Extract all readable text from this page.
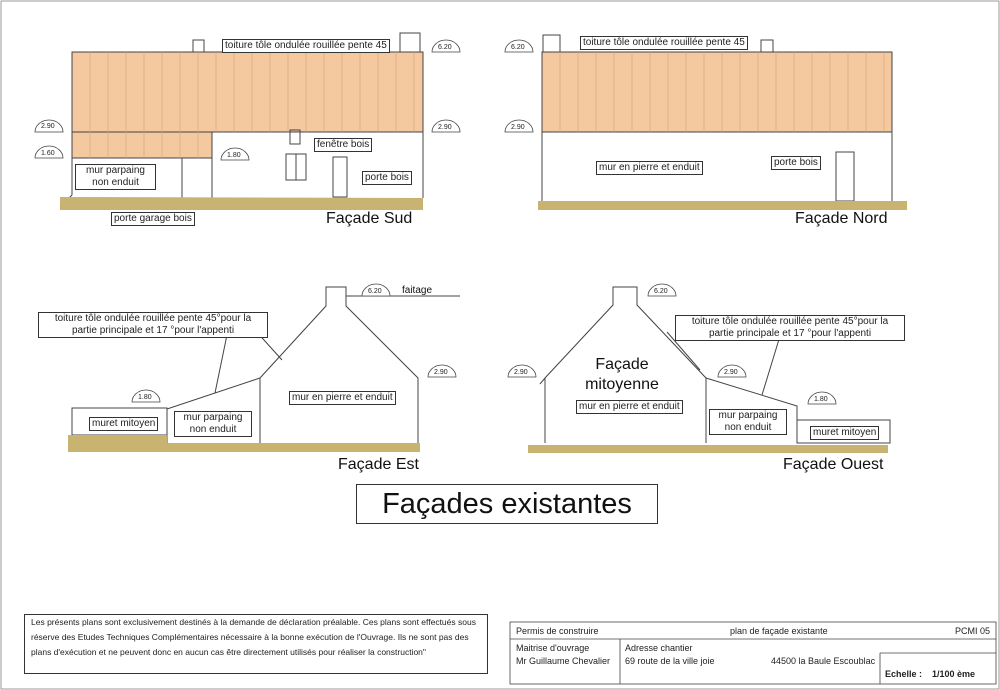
toiture tôle ondulée rouillée pente 45
fenêtre bois
porte bois
mur parpaing
non enduit
porte garage bois	Façade Sud
toiture tôle ondulée rouillée pente 45
mur en pierre et enduit	porte bois
Façade Nord
toiture tôle ondulée rouillée pente 45°pour la
partie principale et 17 °pour l'appenti
faitage
mur en pierre et enduit
mur parpaing
non enduit
muret mitoyen
Façade Est
Façade
mitoyenne
mur en pierre et enduit
toiture tôle ondulée rouillée pente 45°pour la
partie principale et 17 °pour l'appenti
mur parpaing
non enduit	muret mitoyen
Façade Ouest
2.90
1.60	1.80
6.20
2.90
6.20
2.90
6.20
2.90
1.80
2.90
6.20
2.90
1.80
Façades existantes
Les présents plans sont exclusivement destinés à la demande de déclaration préalable. Ces plans sont effectués sous
réserve des Etudes Techniques Complémentaires nécessaire à la bonne exécution de l'Ouvrage. Ils ne sont pas des
plans d'exécution et ne peuvent donc en aucun cas être directement utilisés pour réaliser la construction"
Permis de construire	plan de façade existante	PCMI 05
Maitrise d'ouvrage
Mr Guillaume Chevalier
Adresse chantier
69 route de la ville joie	44500 la Baule Escoublac
Echelle : 1/100 ème
